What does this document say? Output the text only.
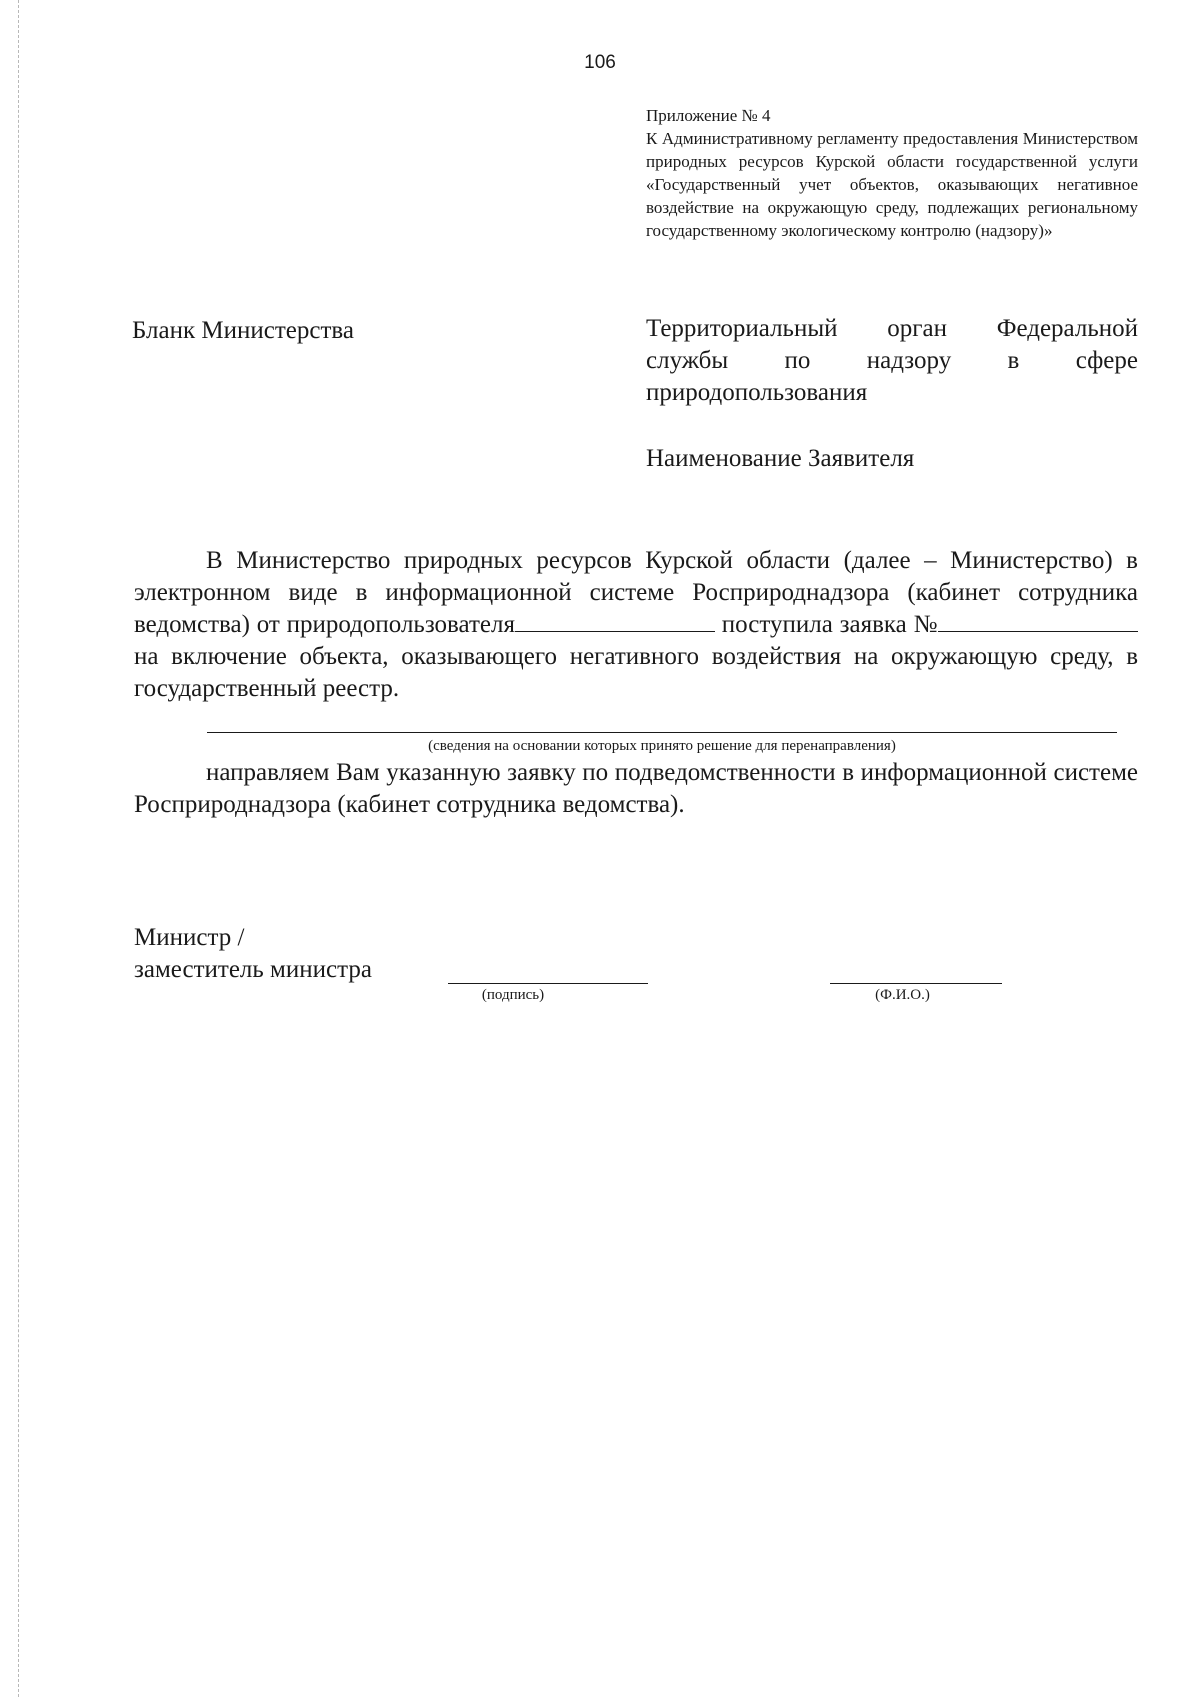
106
Приложение № 4
К Административному регламенту предоставления Министерством природных ресурсов Курской области государственной услуги «Государственный учет объектов, оказывающих негативное воздействие на окружающую среду, подлежащих региональному государственному экологическому контролю (надзору)»
Бланк Министерства	Территориальный орган Федеральной службы по надзору в сфере природопользования
Наименование Заявителя
В Министерство природных ресурсов Курской области (далее – Министерство) в электронном виде в информационной системе Росприроднадзора (кабинет сотрудника ведомства) от природопользователя	поступила заявка № на включение объекта, оказывающего негативного воздействия на окружающую среду, в государственный реестр.
(сведения на основании которых принято решение для перенаправления)
направляем Вам указанную заявку по подведомственности в информационной системе Росприроднадзора (кабинет сотрудника ведомства).
Министр /
заместитель министра
(подпись)	(Ф.И.О.)
